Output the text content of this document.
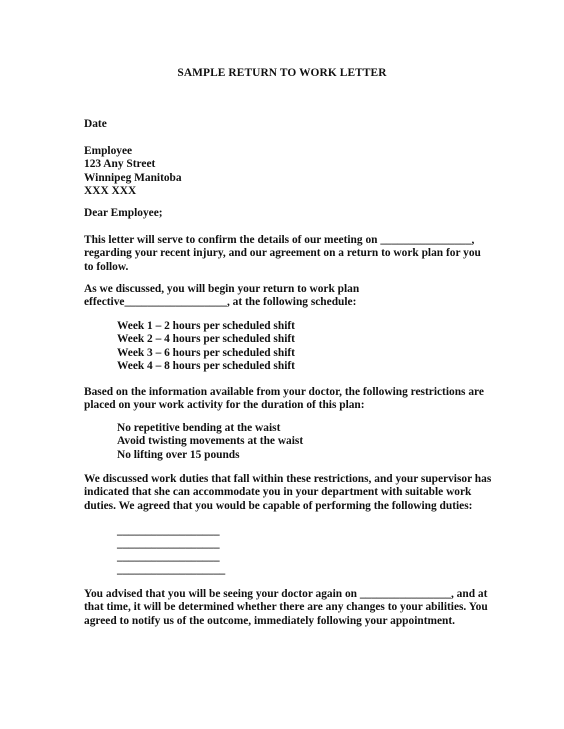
SAMPLE RETURN TO WORK LETTER
Date
Employee
123 Any Street
Winnipeg Manitoba
XXX XXX
Dear Employee;
This letter will serve to confirm the details of our meeting on ________________,
regarding your recent injury, and our agreement on a return to work plan for you
to follow.
As we discussed, you will begin your return to work plan
effective__________________, at the following schedule:
Week 1 – 2 hours per scheduled shift
Week 2 – 4 hours per scheduled shift
Week 3 – 6 hours per scheduled shift
Week 4 – 8 hours per scheduled shift
Based on the information available from your doctor, the following restrictions are
placed on your work activity for the duration of this plan:
No repetitive bending at the waist
Avoid twisting movements at the waist
No lifting over 15 pounds
We discussed work duties that fall within these restrictions, and your supervisor has
indicated that she can accommodate you in your department with suitable work
duties. We agreed that you would be capable of performing the following duties:
__________________
__________________
__________________
___________________
You advised that you will be seeing your doctor again on ________________, and at
that time, it will be determined whether there are any changes to your abilities. You
agreed to notify us of the outcome, immediately following your appointment.
